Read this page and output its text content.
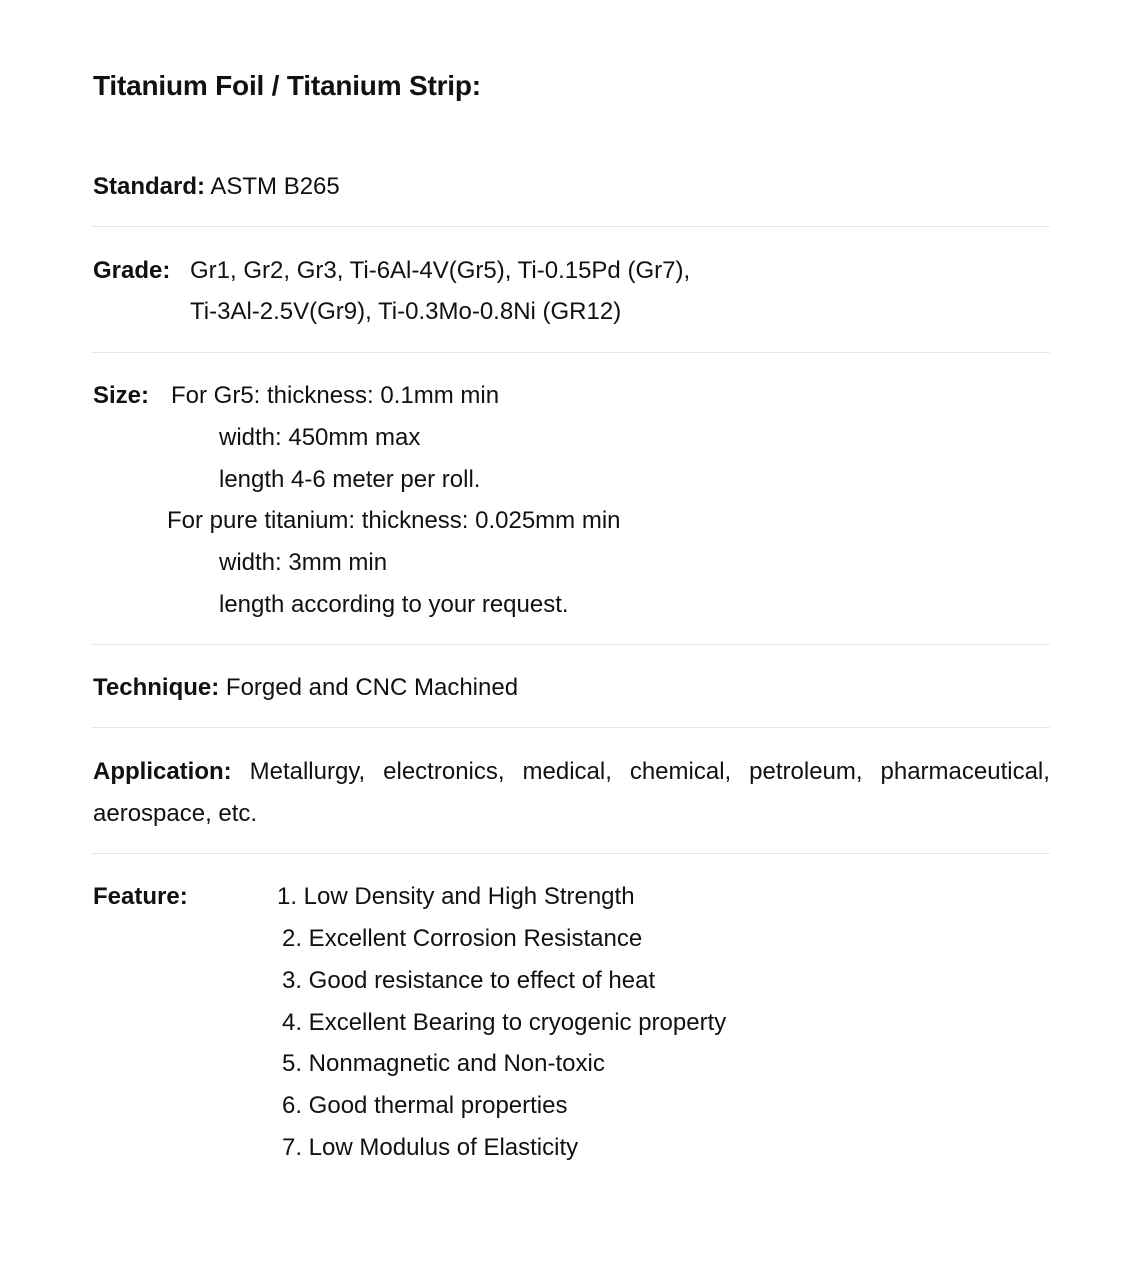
Titanium Foil / Titanium Strip:
Standard: ASTM B265
Grade: Gr1, Gr2, Gr3, Ti-6Al-4V(Gr5), Ti-0.15Pd (Gr7),
Ti-3Al-2.5V(Gr9), Ti-0.3Mo-0.8Ni (GR12)
Size: For Gr5: thickness: 0.1mm min
width: 450mm max
length 4-6 meter per roll.
For pure titanium: thickness: 0.025mm min
width: 3mm min
length according to your request.
Technique: Forged and CNC Machined
Application: Metallurgy, electronics, medical, chemical, petroleum, pharmaceutical,
aerospace, etc.
Feature:	1. Low Density and High Strength
2. Excellent Corrosion Resistance
3. Good resistance to effect of heat
4. Excellent Bearing to cryogenic property
5. Nonmagnetic and Non-toxic
6. Good thermal properties
7. Low Modulus of Elasticity
